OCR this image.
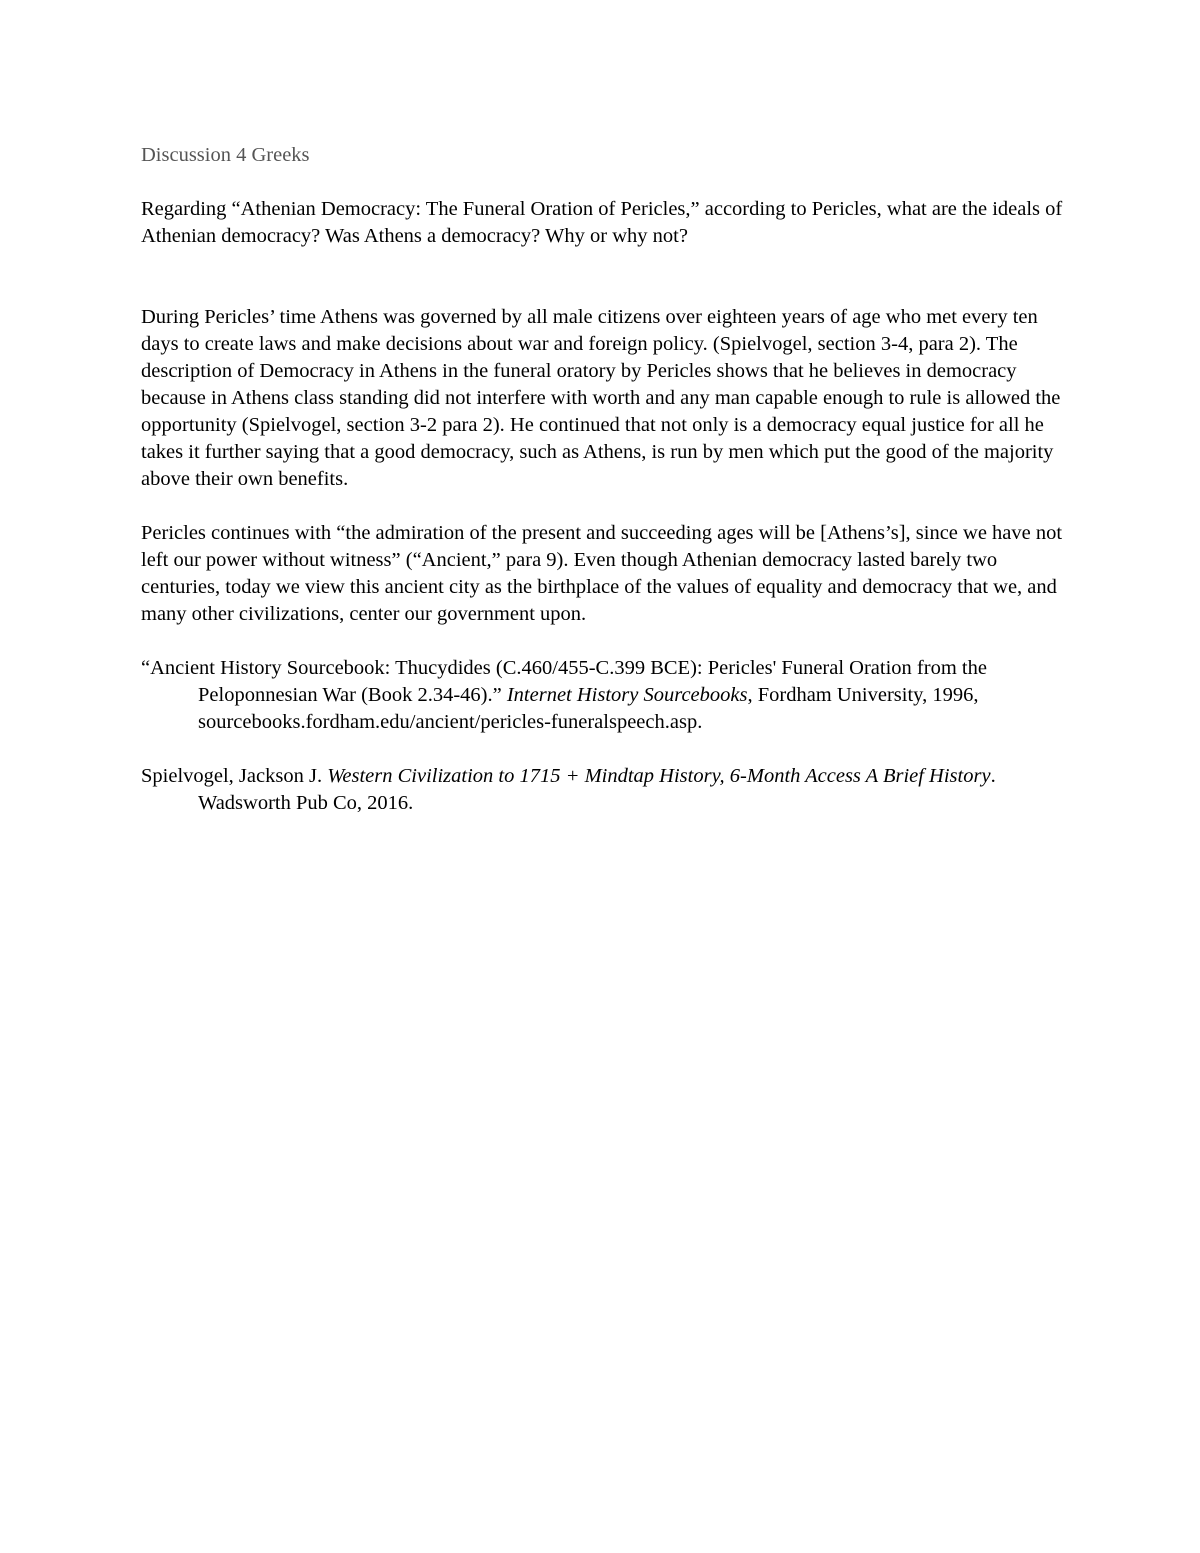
Discussion 4 Greeks

Regarding “Athenian Democracy: The Funeral Oration of Pericles,” according to Pericles, what are the ideals of Athenian democracy? Was Athens a democracy? Why or why not?

During Pericles’ time Athens was governed by all male citizens over eighteen years of age who met every ten days to create laws and make decisions about war and foreign policy. (Spielvogel, section 3-4, para 2). The description of Democracy in Athens in the funeral oratory by Pericles shows that he believes in democracy because in Athens class standing did not interfere with worth and any man capable enough to rule is allowed the opportunity (Spielvogel, section 3-2 para 2). He continued that not only is a democracy equal justice for all he takes it further saying that a good democracy, such as Athens, is run by men which put the good of the majority above their own benefits.

Pericles continues with “the admiration of the present and succeeding ages will be [Athens’s], since we have not left our power without witness” (“Ancient,” para 9). Even though Athenian democracy lasted barely two centuries, today we view this ancient city as the birthplace of the values of equality and democracy that we, and many other civilizations, center our government upon.

“Ancient History Sourcebook: Thucydides (C.460/455-C.399 BCE): Pericles' Funeral Oration from the Peloponnesian War (Book 2.34-46).” Internet History Sourcebooks, Fordham University, 1996, sourcebooks.fordham.edu/ancient/pericles-funeralspeech.asp.

Spielvogel, Jackson J. Western Civilization to 1715 + Mindtap History, 6-Month Access A Brief History. Wadsworth Pub Co, 2016.
